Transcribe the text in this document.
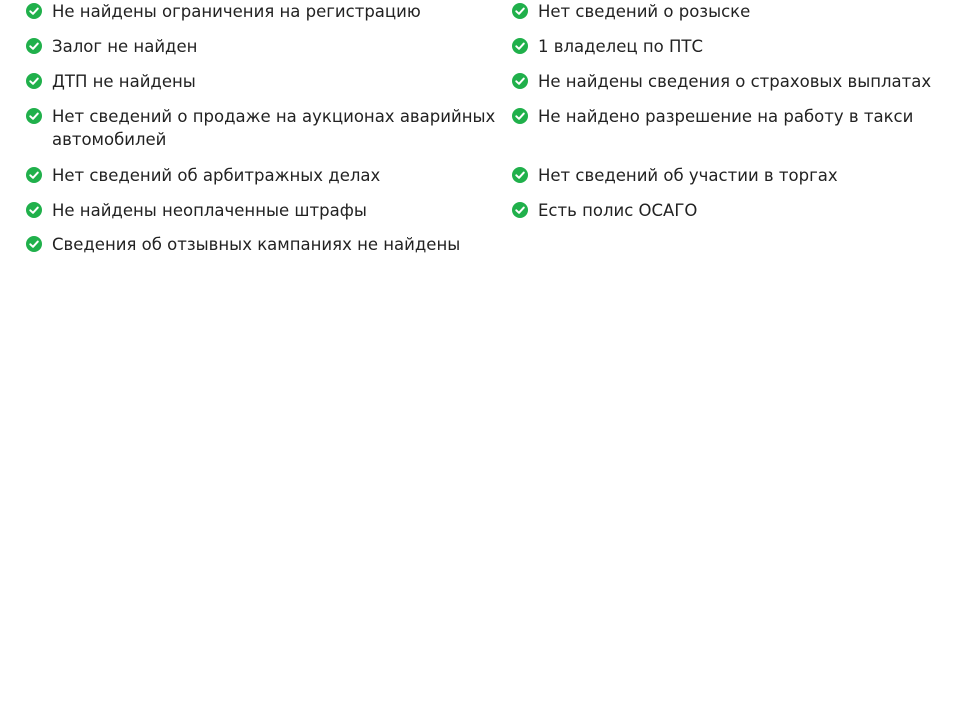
Не найдены ограничения на регистрацию
Залог не найден
ДТП не найдены
Нет сведений о продаже на аукционах аварийных автомобилей
Нет сведений об арбитражных делах
Не найдены неоплаченные штрафы
Сведения об отзывных кампаниях не найдены
Нет сведений о розыске
1 владелец по ПТС
Не найдены сведения о страховых выплатах
Не найдено разрешение на работу в такси
Нет сведений об участии в торгах
Есть полис ОСАГО
